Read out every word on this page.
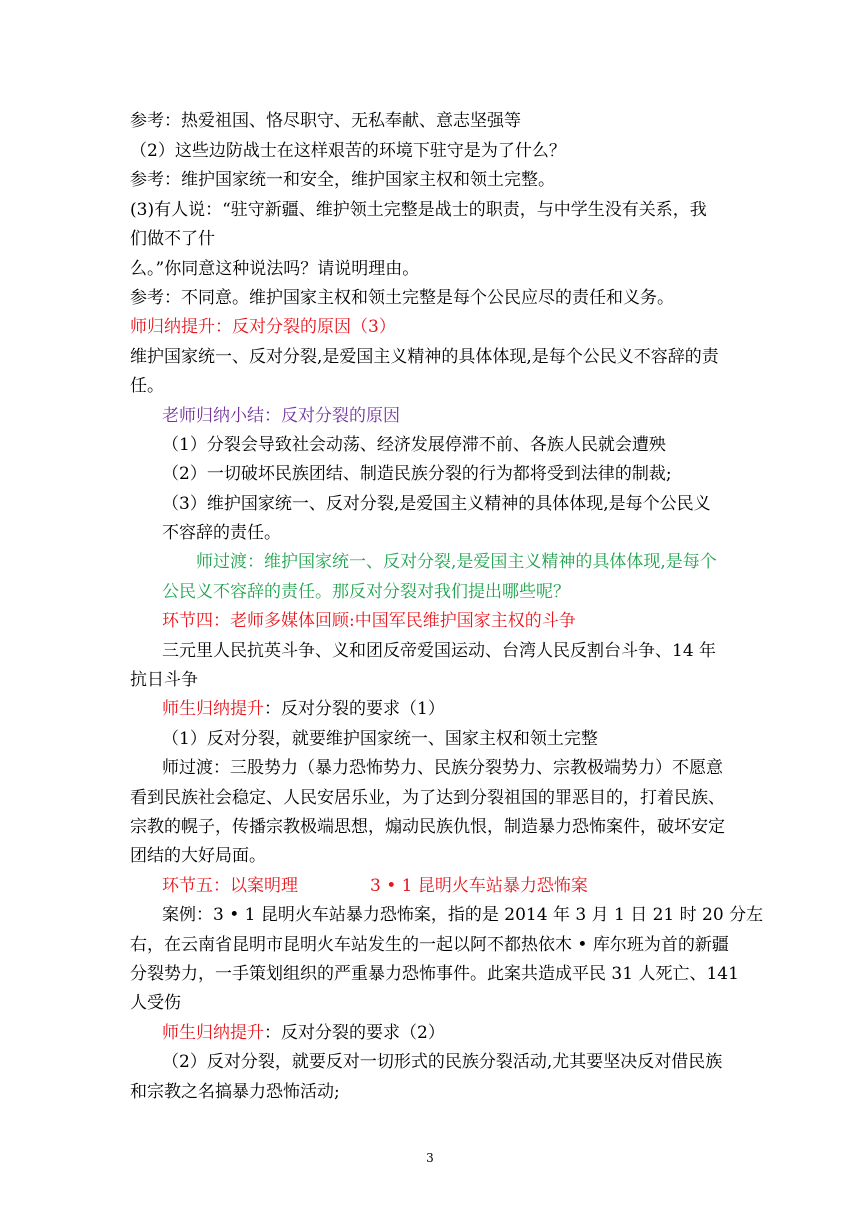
参考：热爱祖国、恪尽职守、无私奉献、意志坚强等
（2）这些边防战士在这样艰苦的环境下驻守是为了什么？
参考：维护国家统一和安全，维护国家主权和领土完整。
(3)有人说：“驻守新疆、维护领土完整是战士的职责，与中学生没有关系，我
们做不了什
么。”你同意这种说法吗？请说明理由。
参考：不同意。维护国家主权和领土完整是每个公民应尽的责任和义务。
师归纳提升：反对分裂的原因（3）
维护国家统一、反对分裂,是爱国主义精神的具体体现,是每个公民义不容辞的责
任。
老师归纳小结：反对分裂的原因
（1）分裂会导致社会动荡、经济发展停滞不前、各族人民就会遭殃
（2）一切破坏民族团结、制造民族分裂的行为都将受到法律的制裁;
（3）维护国家统一、反对分裂,是爱国主义精神的具体体现,是每个公民义
不容辞的责任。
师过渡：维护国家统一、反对分裂,是爱国主义精神的具体体现,是每个
公民义不容辞的责任。那反对分裂对我们提出哪些呢？
环节四：老师多媒体回顾:中国军民维护国家主权的斗争
三元里人民抗英斗争、义和团反帝爱国运动、台湾人民反割台斗争、14 年
抗日斗争
师生归纳提升：反对分裂的要求（1）
（1）反对分裂，就要维护国家统一、国家主权和领土完整
师过渡：三股势力（暴力恐怖势力、民族分裂势力、宗教极端势力）不愿意
看到民族社会稳定、人民安居乐业，为了达到分裂祖国的罪恶目的，打着民族、
宗教的幌子，传播宗教极端思想，煽动民族仇恨，制造暴力恐怖案件，破坏安定
团结的大好局面。
环节五：以案明理	3 • 1 昆明火车站暴力恐怖案
案例：3 • 1 昆明火车站暴力恐怖案，指的是 2014 年 3 月 1 日 21 时 20 分左
右，在云南省昆明市昆明火车站发生的一起以阿不都热依木 • 库尔班为首的新疆
分裂势力，一手策划组织的严重暴力恐怖事件。此案共造成平民 31 人死亡、141
人受伤
师生归纳提升：反对分裂的要求（2）
（2）反对分裂，就要反对一切形式的民族分裂活动,尤其要坚决反对借民族
和宗教之名搞暴力恐怖活动;
3
